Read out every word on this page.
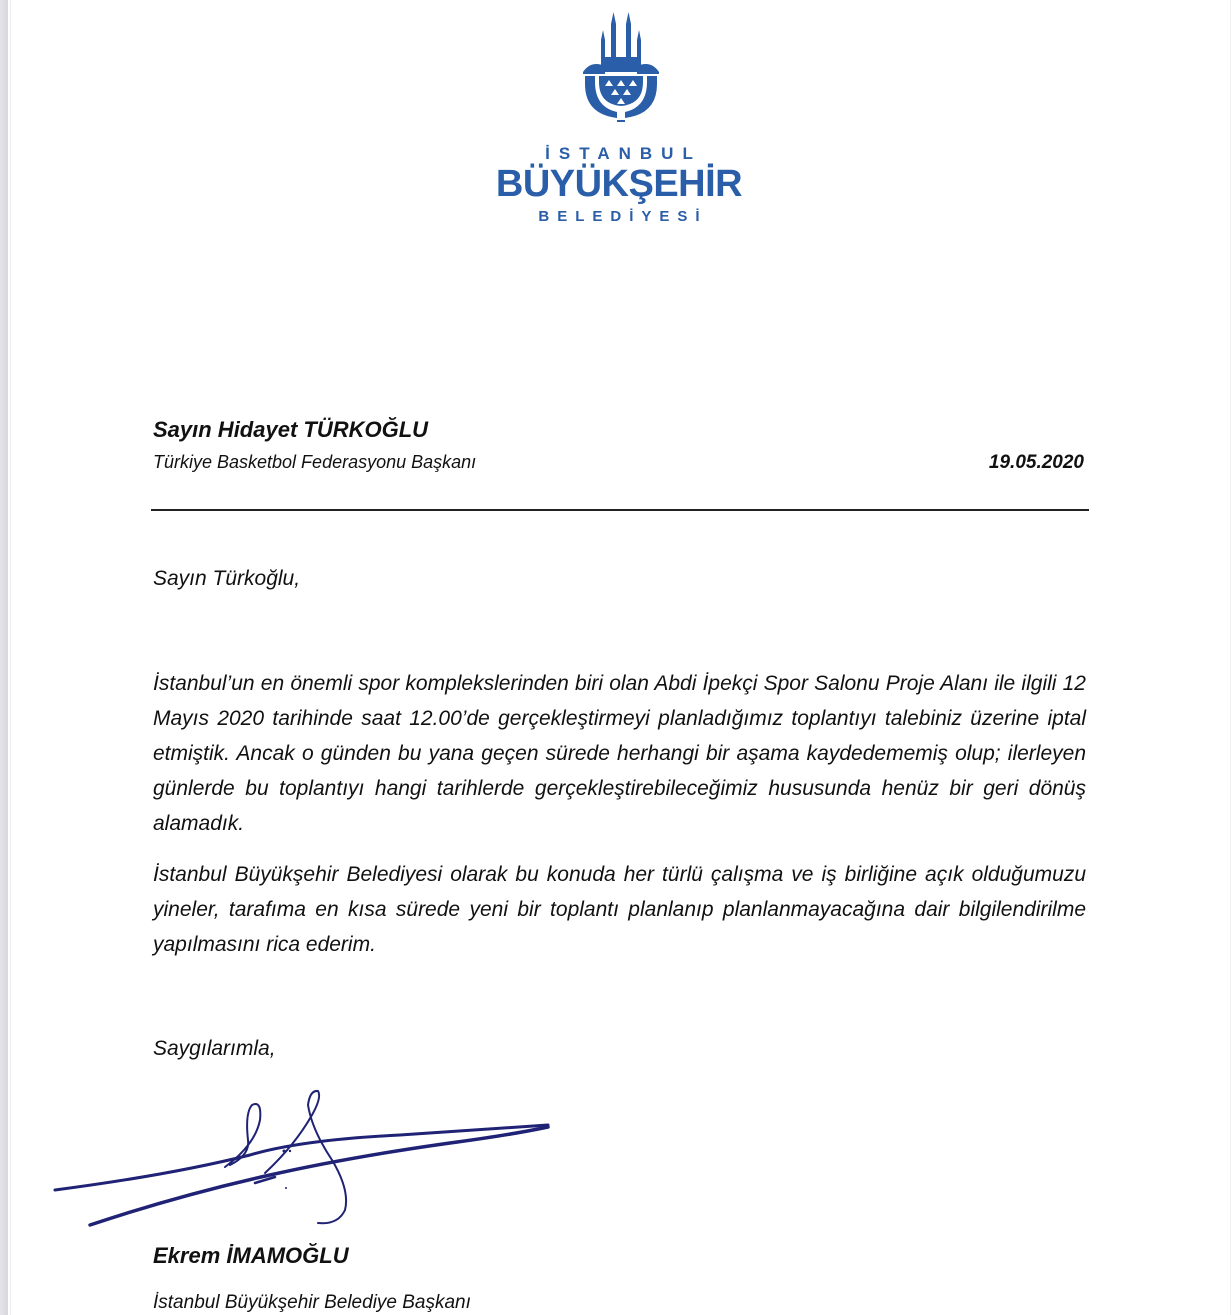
İSTANBUL
BÜYÜKŞEHİR
BELEDİYESİ
Sayın Hidayet TÜRKOĞLU
Türkiye Basketbol Federasyonu Başkanı	19.05.2020
Sayın Türkoğlu,

İstanbul’un en önemli spor komplekslerinden biri olan Abdi İpekçi Spor Salonu Proje Alanı ile ilgili 12 Mayıs 2020 tarihinde saat 12.00’de gerçekleştirmeyi planladığımız toplantıyı talebiniz üzerine iptal etmiştik. Ancak o günden bu yana geçen sürede herhangi bir aşama kaydedememiş olup; ilerleyen günlerde bu toplantıyı hangi tarihlerde gerçekleştirebileceğimiz hususunda henüz bir geri dönüş alamadık.

İstanbul Büyükşehir Belediyesi olarak bu konuda her türlü çalışma ve iş birliğine açık olduğumuzu yineler, tarafıma en kısa sürede yeni bir toplantı planlanıp planlanmayacağına dair bilgilendirilme yapılmasını rica ederim.

Saygılarımla,
Ekrem İMAMOĞLU
İstanbul Büyükşehir Belediye Başkanı
